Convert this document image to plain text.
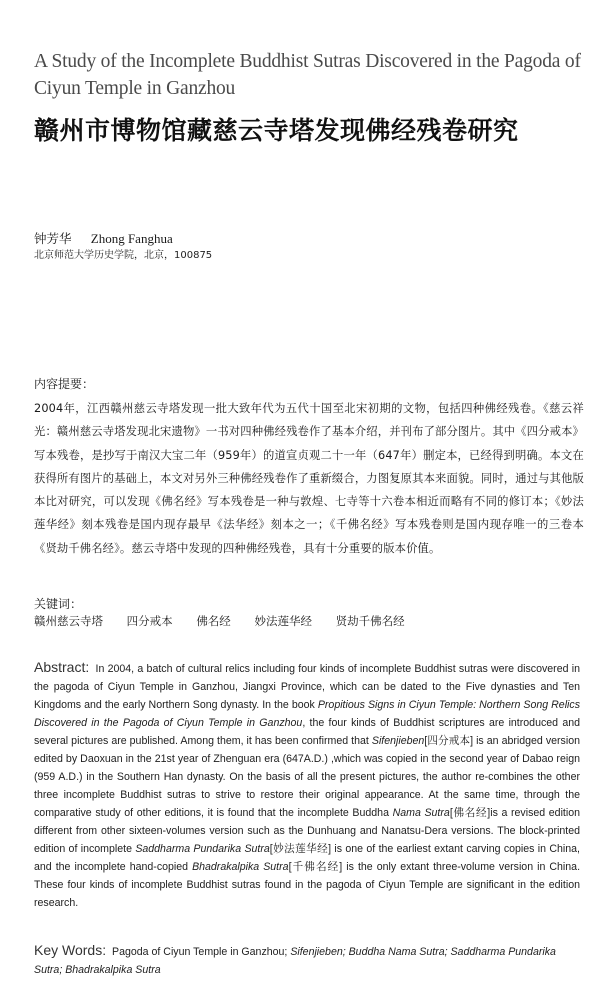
A Study of the Incomplete Buddhist Sutras Discovered in the Pagoda of Ciyun Temple in Ganzhou
赣州市博物馆藏慈云寺塔发现佛经残卷研究
钟芳华 Zhong Fanghua
北京师范大学历史学院，北京，100875
内容提要：
2004年，江西赣州慈云寺塔发现一批大致年代为五代十国至北宋初期的文物，包括四种佛经残卷。《慈云祥光：赣州慈云寺塔发现北宋遗物》一书对四种佛经残卷作了基本介绍，并刊布了部分图片。其中《四分戒本》写本残卷，是抄写于南汉大宝二年（959年）的道宣贞观二十一年（647年）删定本，已经得到明确。本文在获得所有图片的基础上，本文对另外三种佛经残卷作了重新缀合，力图复原其本来面貌。同时，通过与其他版本比对研究，可以发现《佛名经》写本残卷是一种与敦煌、七寺等十六卷本相近而略有不同的修订本；《妙法莲华经》刻本残卷是国内现存最早《法华经》刻本之一；《千佛名经》写本残卷则是国内现存唯一的三卷本《贤劫千佛名经》。慈云寺塔中发现的四种佛经残卷，具有十分重要的版本价值。
关键词：
赣州慈云寺塔 四分戒本 佛名经 妙法莲华经 贤劫千佛名经
Abstract: In 2004, a batch of cultural relics including four kinds of incomplete Buddhist sutras were discovered in the pagoda of Ciyun Temple in Ganzhou, Jiangxi Province, which can be dated to the Five dynasties and Ten Kingdoms and the early Northern Song dynasty. In the book Propitious Signs in Ciyun Temple: Northern Song Relics Discovered in the Pagoda of Ciyun Temple in Ganzhou, the four kinds of Buddhist scriptures are introduced and several pictures are published. Among them, it has been confirmed that Sifenjieben[四分戒本] is an abridged version edited by Daoxuan in the 21st year of Zhenguan era (647A.D.) ,which was copied in the second year of Dabao reign (959 A.D.) in the Southern Han dynasty. On the basis of all the present pictures, the author re-combines the other three incomplete Buddhist sutras to strive to restore their original appearance. At the same time, through the comparative study of other editions, it is found that the incomplete Buddha Nama Sutra[佛名经]is a revised edition different from other sixteen-volumes version such as the Dunhuang and Nanatsu-Dera versions. The block-printed edition of incomplete Saddharma Pundarika Sutra[妙法莲华经] is one of the earliest extant carving copies in China, and the incomplete hand-copied Bhadrakalpika Sutra[千佛名经] is the only extant three-volume version in China. These four kinds of incomplete Buddhist sutras found in the pagoda of Ciyun Temple are significant in the edition research.
Key Words: Pagoda of Ciyun Temple in Ganzhou; Sifenjieben; Buddha Nama Sutra; Saddharma Pundarika Sutra; Bhadrakalpika Sutra
